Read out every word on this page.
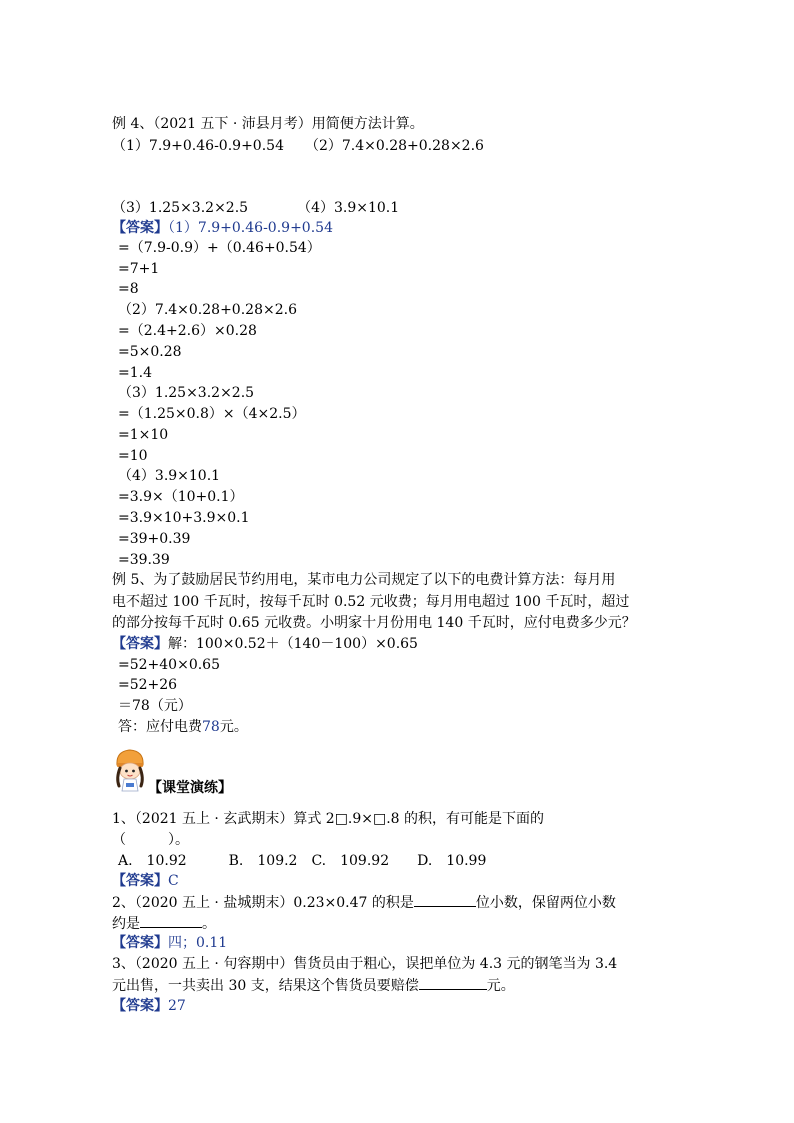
例 4、（2021 五下 · 沛县月考）用简便方法计算。
（1）7.9+0.46-0.9+0.54　　（2）7.4×0.28+0.28×2.6
（3）1.25×3.2×2.5　　　　（4）3.9×10.1
【答案】（1）7.9+0.46-0.9+0.54
=（7.9-0.9）+（0.46+0.54）
=7+1
=8
（2）7.4×0.28+0.28×2.6
=（2.4+2.6）×0.28
=5×0.28
=1.4
（3）1.25×3.2×2.5
=（1.25×0.8）×（4×2.5）
=1×10
=10
（4）3.9×10.1
=3.9×（10+0.1）
=3.9×10+3.9×0.1
=39+0.39
=39.39
例 5、为了鼓励居民节约用电，某市电力公司规定了以下的电费计算方法：每月用
电不超过 100 千瓦时，按每千瓦时 0.52 元收费；每月用电超过 100 千瓦时，超过
的部分按每千瓦时 0.65 元收费。小明家十月份用电 140 千瓦时，应付电费多少元？
【答案】解：100×0.52＋（140－100）×0.65
=52+40×0.65
=52+26
＝78（元）
答：应付电费78元。
【课堂演练】
1、（2021 五上 · 玄武期末）算式 2□.9×□.8 的积，有可能是下面的
（　　　）。
A.　10.92　　　B.　109.2　C.　109.92　　D.　10.99
【答案】C
2、（2020 五上 · 盐城期末）0.23×0.47 的积是	位小数，保留两位小数
约是	。
【答案】四；0.11
3、（2020 五上 · 句容期中）售货员由于粗心，误把单位为 4.3 元的钢笔当为 3.4
元出售，一共卖出 30 支，结果这个售货员要赔偿	元。
【答案】27
